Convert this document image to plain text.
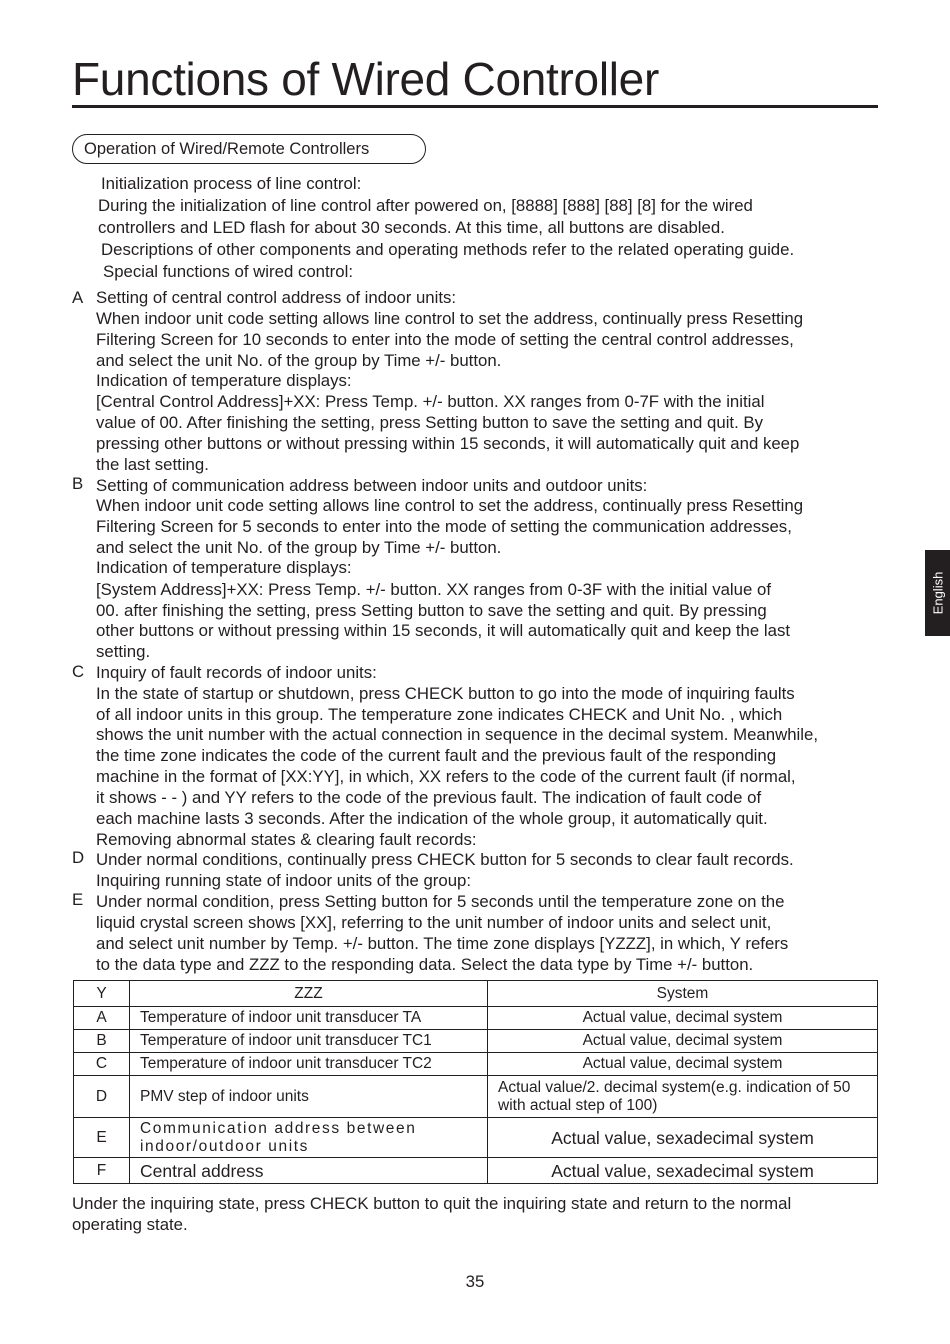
Functions of Wired Controller
Operation of Wired/Remote Controllers
Initialization process of line control:
During the initialization of line control after powered on, [8888] [888] [88] [8] for the wired
controllers and LED flash for about 30 seconds. At this time, all buttons are disabled.
Descriptions of other components and operating methods refer to the related operating guide.
Special functions of wired control:
A Setting of central control address of indoor units:
When indoor unit code setting allows line control to set the address, continually press Resetting
Filtering Screen for 10 seconds to enter into the mode of setting the central control addresses,
and select the unit No. of the group by Time +/- button.
Indication of temperature displays:
[Central Control Address]+XX: Press Temp. +/- button. XX ranges from 0-7F with the initial
value of 00. After finishing the setting, press Setting button to save the setting and quit. By
pressing other buttons or without pressing within 15 seconds, it will automatically quit and keep
the last setting.
B Setting of communication address between indoor units and outdoor units:
When indoor unit code setting allows line control to set the address, continually press Resetting
Filtering Screen for 5 seconds to enter into the mode of setting the communication addresses,
and select the unit No. of the group by Time +/- button.
Indication of temperature displays:
[System Address]+XX: Press Temp. +/- button. XX ranges from 0-3F with the initial value of
00. after finishing the setting, press Setting button to save the setting and quit. By pressing
other buttons or without pressing within 15 seconds, it will automatically quit and keep the last
setting.
C Inquiry of fault records of indoor units:
In the state of startup or shutdown, press CHECK button to go into the mode of inquiring faults
of all indoor units in this group. The temperature zone indicates CHECK and Unit No. , which
shows the unit number with the actual connection in sequence in the decimal system. Meanwhile,
the time zone indicates the code of the current fault and the previous fault of the responding
machine in the format of [XX:YY], in which, XX refers to the code of the current fault (if normal,
it shows - - ) and YY refers to the code of the previous fault. The indication of fault code of
each machine lasts 3 seconds. After the indication of the whole group, it automatically quit.
Removing abnormal states & clearing fault records:
D Under normal conditions, continually press CHECK button for 5 seconds to clear fault records.
Inquiring running state of indoor units of the group:
E Under normal condition, press Setting button for 5 seconds until the temperature zone on the
liquid crystal screen shows [XX], referring to the unit number of indoor units and select unit,
and select unit number by Temp. +/- button. The time zone displays [YZZZ], in which, Y refers
to the data type and ZZZ to the responding data. Select the data type by Time +/- button.
Y	ZZZ	System
A	Temperature of indoor unit transducer TA	Actual value, decimal system
B	Temperature of indoor unit transducer TC1	Actual value, decimal system
C	Temperature of indoor unit transducer TC2	Actual value, decimal system
D	PMV step of indoor units	Actual value/2. decimal system(e.g. indication of 50 with actual step of 100)
E	Communication address between indoor/outdoor units	Actual value, sexadecimal system
F	Central address	Actual value, sexadecimal system
Under the inquiring state, press CHECK button to quit the inquiring state and return to the normal
operating state.
English
35
